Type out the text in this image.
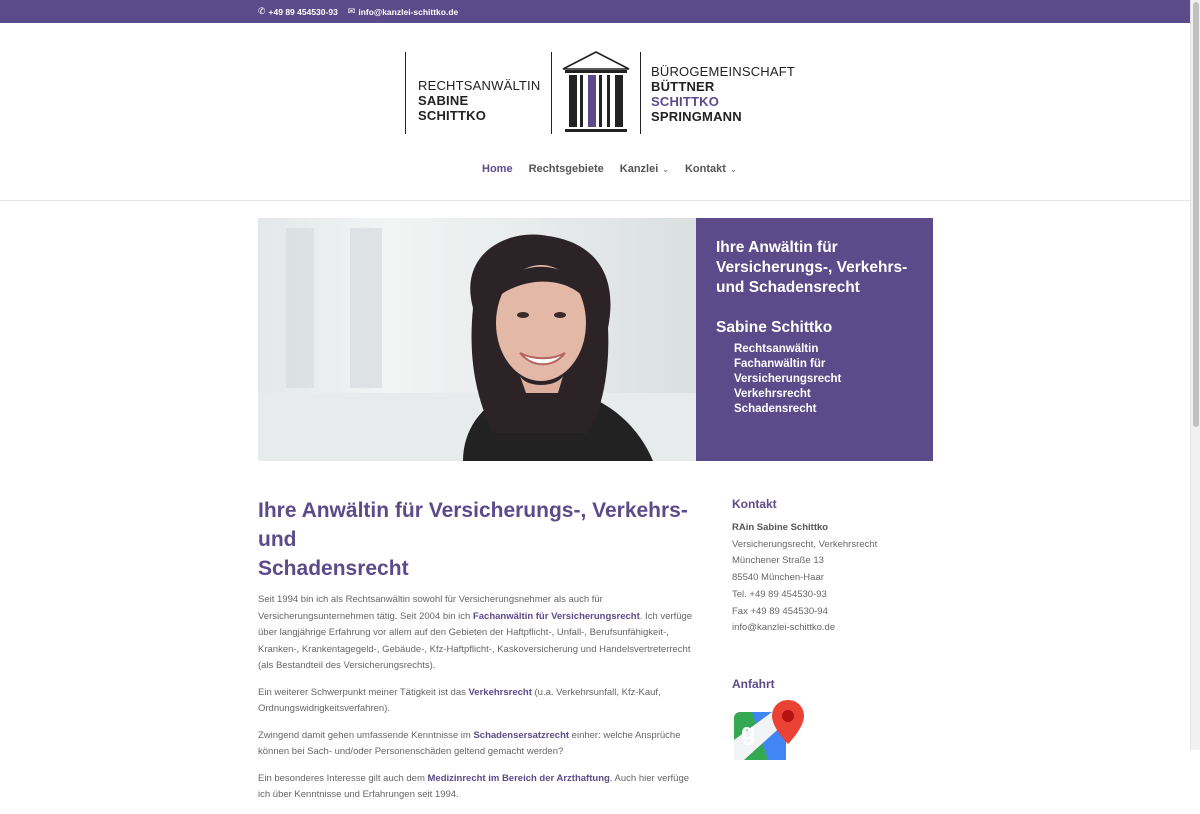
✆ +49 89 454530-93 ✉ info@kanzlei-schittko.de
RECHTSANWÄLTIN
SABINE
SCHITTKO
BÜROGEMEINSCHAFT
BÜTTNER
SCHITTKO
SPRINGMANN
Home Rechtsgebiete Kanzlei ⌄ Kontakt ⌄
Ihre Anwältin für
Versicherungs-, Verkehrs-
und Schadensrecht
Sabine Schittko
Rechtsanwältin
Fachanwältin für Versicherungsrecht
Verkehrsrecht
Schadensrecht
Ihre Anwältin für Versicherungs-, Verkehrs- und
Schadensrecht

Seit 1994 bin ich als Rechtsanwältin sowohl für Versicherungsnehmer als auch für Versicherungsunternehmen tätig. Seit 2004 bin ich Fachanwältin für Versicherungsrecht. Ich verfüge über langjährige Erfahrung vor allem auf den Gebieten der Haftpflicht-, Unfall-, Berufsunfähigkeit-, Kranken-, Krankentagegeld-, Gebäude-, Kfz-Haftpflicht-, Kaskoversicherung und Handelsvertreterrecht (als Bestandteil des Versicherungsrechts).

Ein weiterer Schwerpunkt meiner Tätigkeit ist das Verkehrsrecht (u.a. Verkehrsunfall, Kfz-Kauf, Ordnungswidrigkeitsverfahren).

Zwingend damit gehen umfassende Kenntnisse im Schadensersatzrecht einher: welche Ansprüche können bei Sach- und/oder Personenschäden geltend gemacht werden?

Ein besonderes Interesse gilt auch dem Medizinrecht im Bereich der Arzthaftung. Auch hier verfüge ich über Kenntnisse und Erfahrungen seit 1994.

Kontakt
RAin Sabine Schittko
Versicherungsrecht, Verkehrsrecht
Münchener Straße 13
85540 München-Haar
Tel. +49 89 454530-93
Fax +49 89 454530-94
info@kanzlei-schittko.de
Anfahrt
g
